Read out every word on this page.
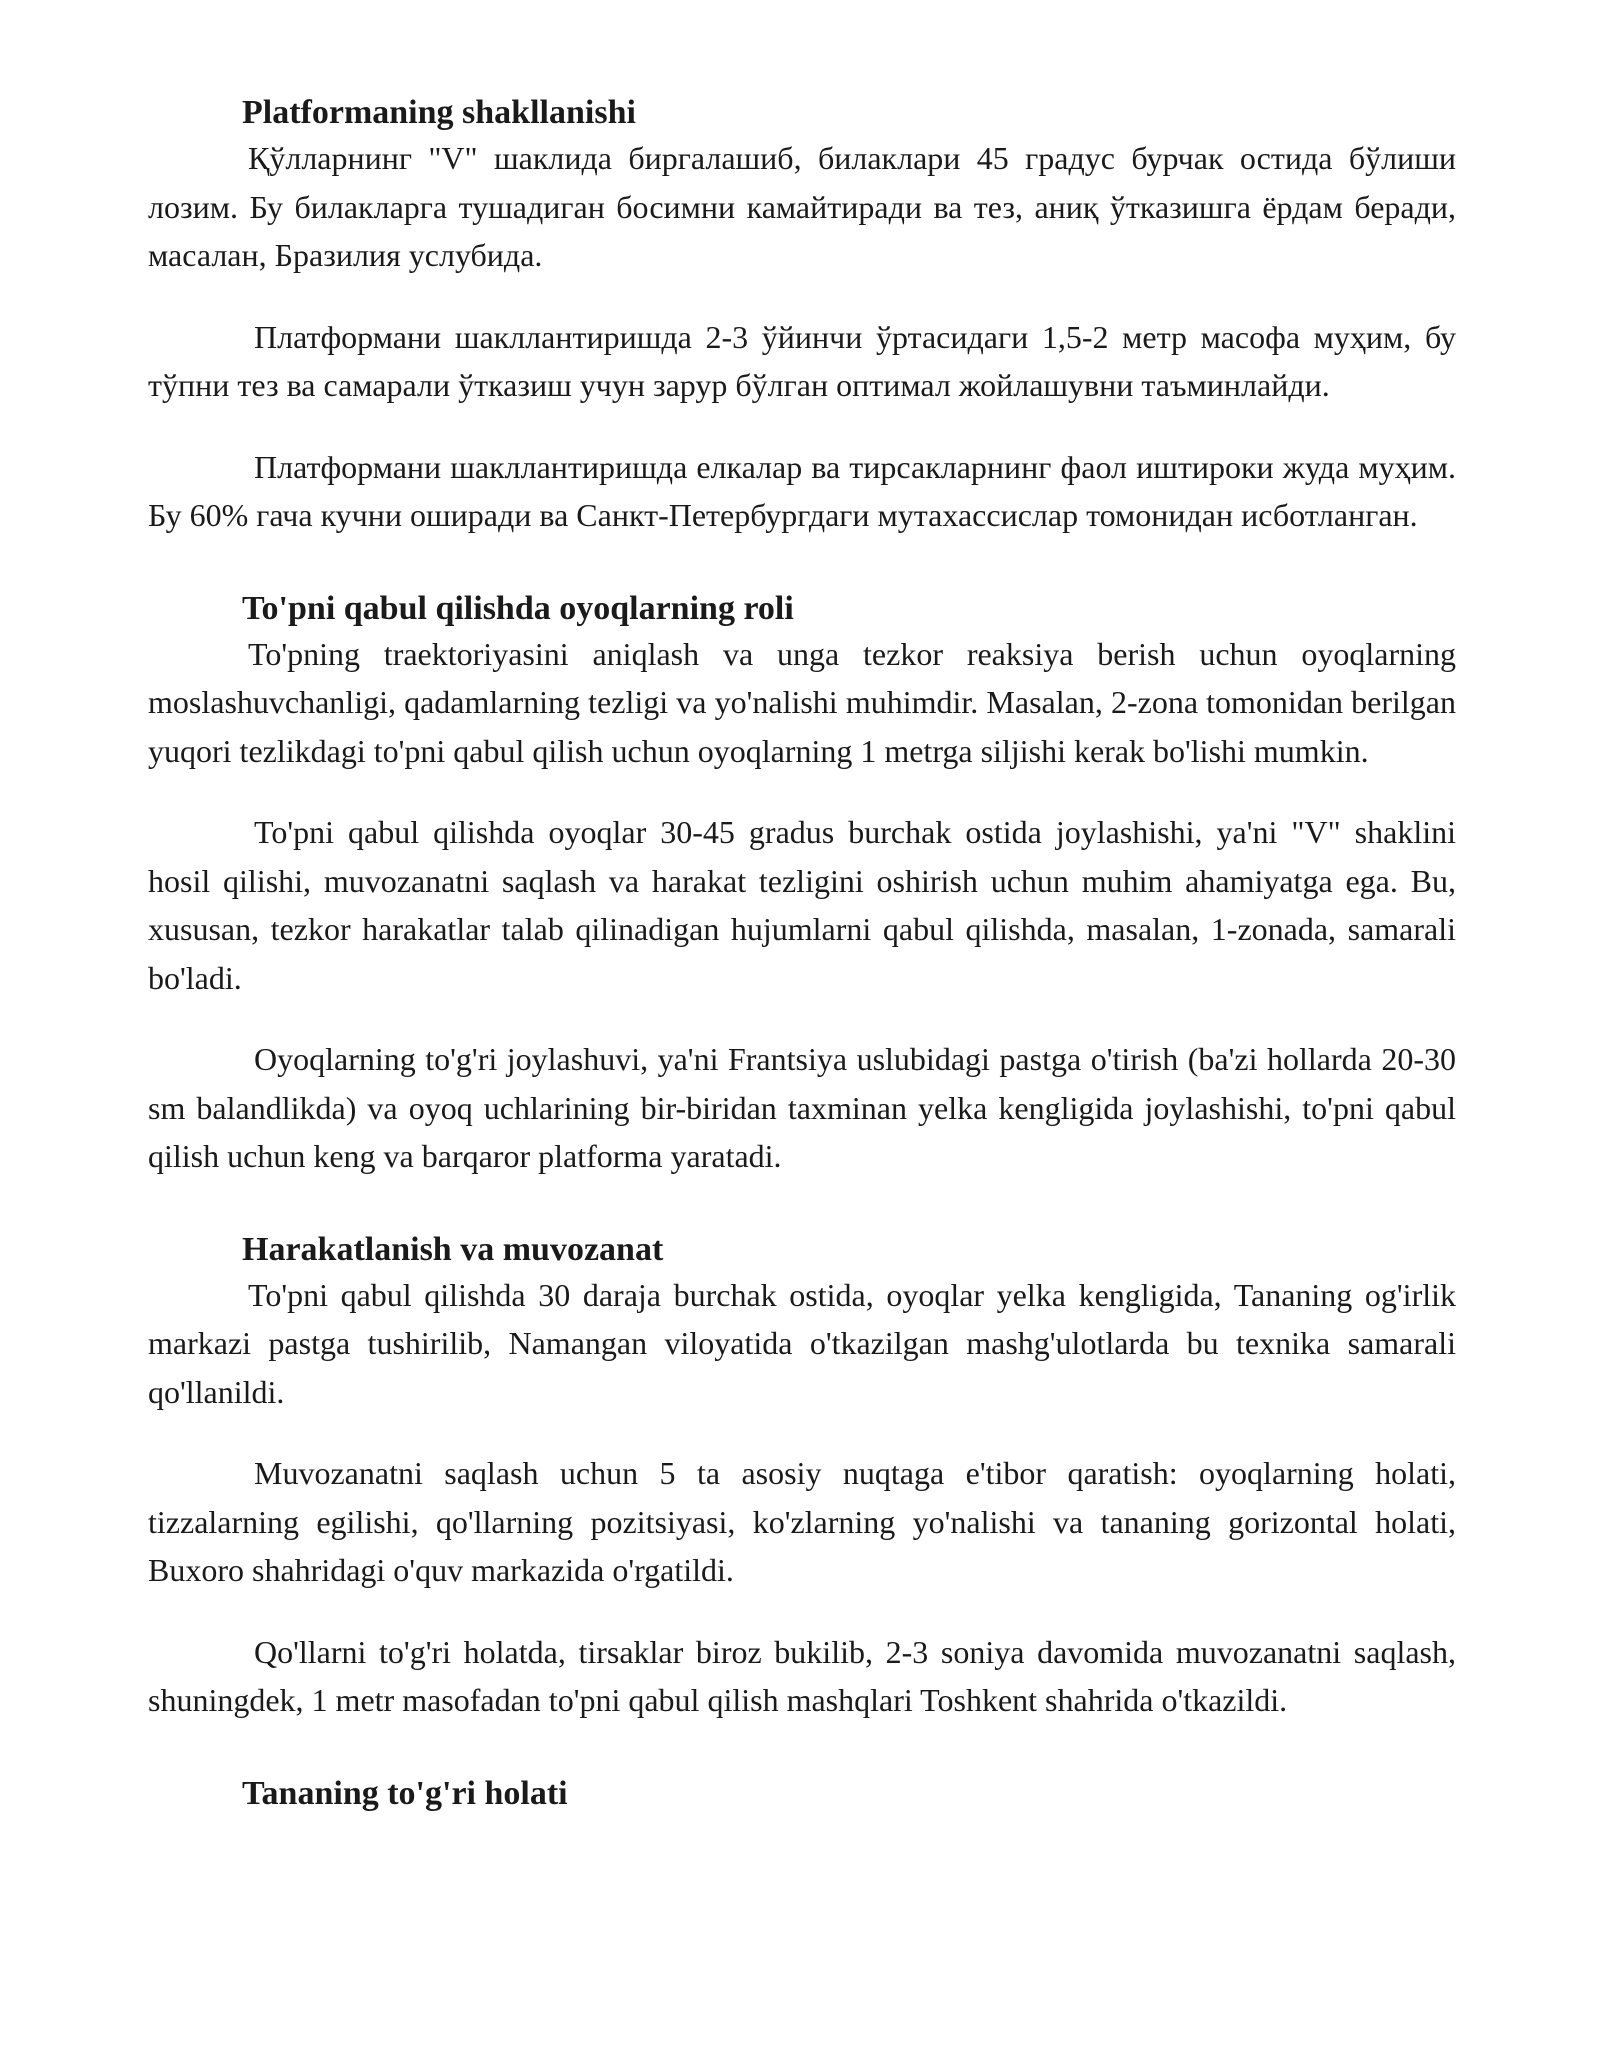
Platformaning shakllanishi

Қўлларнинг "V" шаклида биргалашиб, билаклари 45 градус бурчак остида бўлиши лозим. Бу билакларга тушадиган босимни камайтиради ва тез, аниқ ўтказишга ёрдам беради, масалан, Бразилия услубида.

Платформани шакллантиришда 2-3 ўйинчи ўртасидаги 1,5-2 метр масофа муҳим, бу тўпни тез ва самарали ўтказиш учун зарур бўлган оптимал жойлашувни таъминлайди.

Платформани шакллантиришда елкалар ва тирсакларнинг фаол иштироки жуда муҳим. Бу 60% гача кучни оширади ва Санкт-Петербургдаги мутахассислар томонидан исботланган.

To'pni qabul qilishda oyoqlarning roli

To'pning traektoriyasini aniqlash va unga tezkor reaksiya berish uchun oyoqlarning moslashuvchanligi, qadamlarning tezligi va yo'nalishi muhimdir. Masalan, 2-zona tomonidan berilgan yuqori tezlikdagi to'pni qabul qilish uchun oyoqlarning 1 metrga siljishi kerak bo'lishi mumkin.

To'pni qabul qilishda oyoqlar 30-45 gradus burchak ostida joylashishi, ya'ni "V" shaklini hosil qilishi, muvozanatni saqlash va harakat tezligini oshirish uchun muhim ahamiyatga ega. Bu, xususan, tezkor harakatlar talab qilinadigan hujumlarni qabul qilishda, masalan, 1-zonada, samarali bo'ladi.

Oyoqlarning to'g'ri joylashuvi, ya'ni Frantsiya uslubidagi pastga o'tirish (ba'zi hollarda 20-30 sm balandlikda) va oyoq uchlarining bir-biridan taxminan yelka kengligida joylashishi, to'pni qabul qilish uchun keng va barqaror platforma yaratadi.

Harakatlanish va muvozanat

To'pni qabul qilishda 30 daraja burchak ostida, oyoqlar yelka kengligida, Tananing og'irlik markazi pastga tushirilib, Namangan viloyatida o'tkazilgan mashg'ulotlarda bu texnika samarali qo'llanildi.

Muvozanatni saqlash uchun 5 ta asosiy nuqtaga e'tibor qaratish: oyoqlarning holati, tizzalarning egilishi, qo'llarning pozitsiyasi, ko'zlarning yo'nalishi va tananing gorizontal holati, Buxoro shahridagi o'quv markazida o'rgatildi.

Qo'llarni to'g'ri holatda, tirsaklar biroz bukilib, 2-3 soniya davomida muvozanatni saqlash, shuningdek, 1 metr masofadan to'pni qabul qilish mashqlari Toshkent shahrida o'tkazildi.

Tananing to'g'ri holati
